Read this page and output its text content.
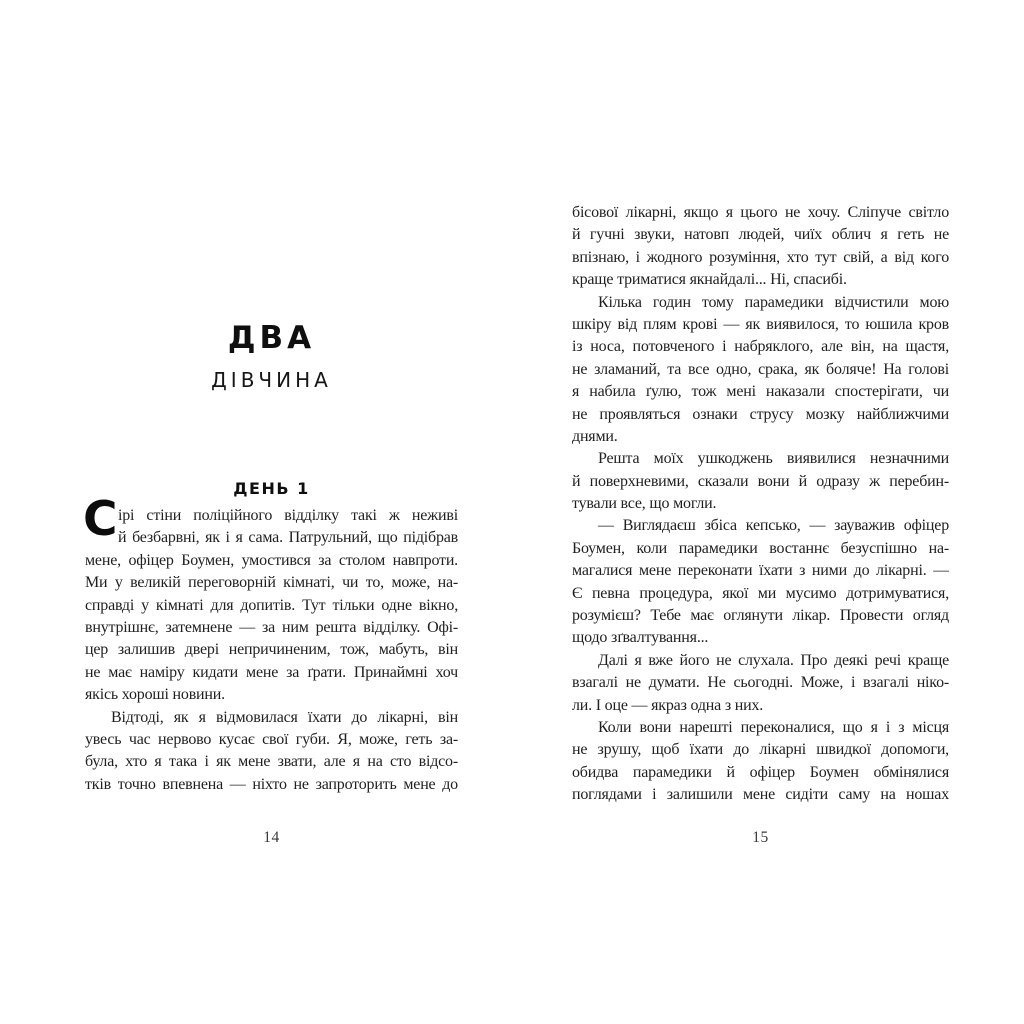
ДВА
ДІВЧИНА
ДЕНЬ 1
С ірі стіни поліційного відділку такі ж неживі
й безбарвні, як і я сама. Патрульний, що підібрав
мене, офіцер Боумен, умостився за столом навпроти.
Ми у великій переговорній кімнаті, чи то, може, на-
справді у кімнаті для допитів. Тут тільки одне вікно,
внутрішнє, затемнене — за ним решта відділку. Офі-
цер залишив двері непричиненим, тож, мабуть, він
не має наміру кидати мене за ґрати. Принаймні хоч
якісь хороші новини.
Відтоді, як я відмовилася їхати до лікарні, він
увесь час нервово кусає свої губи. Я, може, геть за-
була, хто я така і як мене звати, але я на сто відсо-
тків точно впевнена — ніхто не запроторить мене до
14
бісової лікарні, якщо я цього не хочу. Сліпуче світло
й гучні звуки, натовп людей, чиїх облич я геть не
впізнаю, і жодного розуміння, хто тут свій, а від кого
краще триматися якнайдалі... Ні, спасибі.
Кілька годин тому парамедики відчистили мою
шкіру від плям крові — як виявилося, то юшила кров
із носа, потовченого і набряклого, але він, на щастя,
не зламаний, та все одно, срака, як боляче! На голові
я набила ґулю, тож мені наказали спостерігати, чи
не проявляться ознаки струсу мозку найближчими
днями.
Решта моїх ушкоджень виявилися незначними
й поверхневими, сказали вони й одразу ж перебин-
тували все, що могли.
— Виглядаєш збіса кепсько, — зауважив офіцер
Боумен, коли парамедики востаннє безуспішно на-
магалися мене переконати їхати з ними до лікарні. —
Є певна процедура, якої ми мусимо дотримуватися,
розумієш? Тебе має оглянути лікар. Провести огляд
щодо зґвалтування...
Далі я вже його не слухала. Про деякі речі краще
взагалі не думати. Не сьогодні. Може, і взагалі ніко-
ли. І оце — якраз одна з них.
Коли вони нарешті переконалися, що я і з місця
не зрушу, щоб їхати до лікарні швидкої допомоги,
обидва парамедики й офіцер Боумен обмінялися
поглядами і залишили мене сидіти саму на ношах
15
